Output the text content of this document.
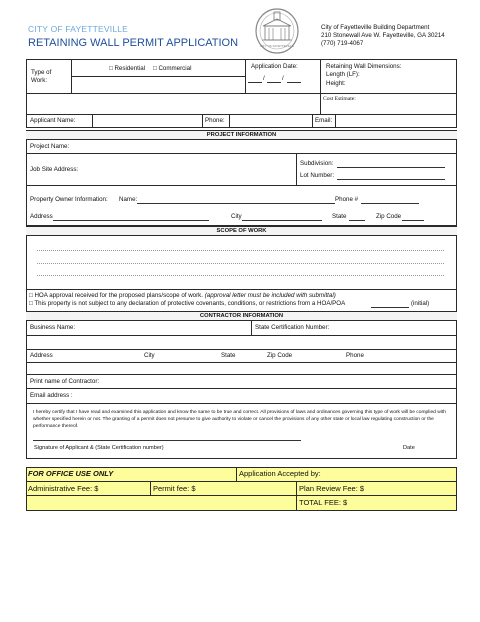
CITY OF FAYETTEVILLE
RETAINING WALL PERMIT APPLICATION	CITY OF FAYETTEVILLE
City of Fayetteville Building Department
210 Stonewall Ave W. Fayetteville, GA 30214
(770) 719-4067
Type of Work:
□ Residential □ Commercial	Application Date:
/	/
Retaining Wall Dimensions:
Length (LF):
Height:
Cost Estimate:
Applicant Name:	Phone:	Email:
PROJECT INFORMATION
Project Name:
Job Site Address:
Subdivision:
Lot Number:
Property Owner Information: Name:	Phone #
Address	City	State	Zip Code
SCOPE OF WORK
□ HOA approval received for the proposed plans/scope of work. (approval letter must be included with submittal)
□ This property is not subject to any declaration of protective covenants, conditions, or restrictions from a HOA/POA	(initial)
CONTRACTOR INFORMATION
Business Name:	State Certification Number:
Address	City	State	Zip Code	Phone
Print name of Contractor:
Email address :
I hereby certify that I have read and examined this application and know the same to be true and correct. All provisions of laws and ordinances governing this type of work will be complied with whether specified herein or not. The granting of a permit does not presume to give authority to violate or cancel the provisions of any other state or local law regulating construction or the performance thereof.
Signature of Applicant & (State Certification number)	Date
FOR OFFICE USE ONLY	Application Accepted by:
Administrative Fee: $	Permit fee: $	Plan Review Fee: $
TOTAL FEE: $
